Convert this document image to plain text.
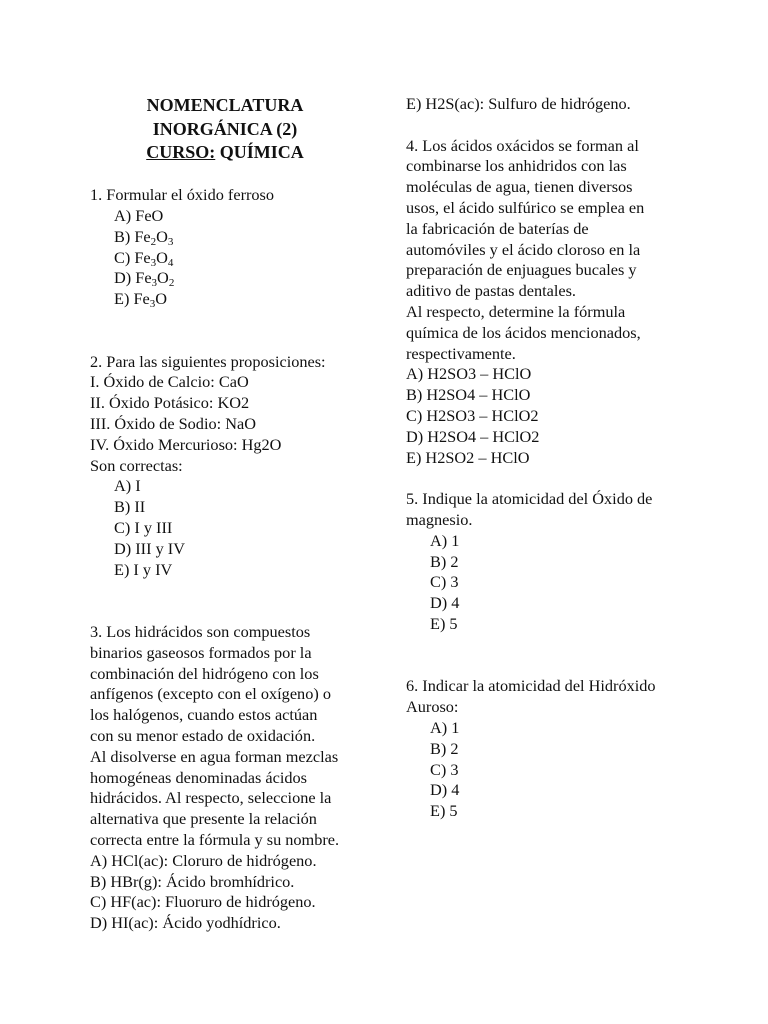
NOMENCLATURA
INORGÁNICA (2)
CURSO: QUÍMICA
1. Formular el óxido ferroso
A) FeO
B) $Fe_2O_3$
C) $Fe_3O_4$
D) $Fe_3O_2$
E) $Fe_3O$
2. Para las siguientes proposiciones:
I. Óxido de Calcio: CaO
II. Óxido Potásico: KO2
III. Óxido de Sodio: NaO
IV. Óxido Mercurioso: Hg2O
Son correctas:
A) I
B) II
C) I y III
D) III y IV
E) I y IV
3. Los hidrácidos son compuestos
binarios gaseosos formados por la
combinación del hidrógeno con los
anfígenos (excepto con el oxígeno) o
los halógenos, cuando estos actúan
con su menor estado de oxidación.
Al disolverse en agua forman mezclas
homogéneas denominadas ácidos
hidrácidos. Al respecto, seleccione la
alternativa que presente la relación
correcta entre la fórmula y su nombre.
A) HCl(ac): Cloruro de hidrógeno.
B) HBr(g): Ácido bromhídrico.
C) HF(ac): Fluoruro de hidrógeno.
D) HI(ac): Ácido yodhídrico.
E) H2S(ac): Sulfuro de hidrógeno.
4. Los ácidos oxácidos se forman al
combinarse los anhidridos con las
moléculas de agua, tienen diversos
usos, el ácido sulfúrico se emplea en
la fabricación de baterías de
automóviles y el ácido cloroso en la
preparación de enjuagues bucales y
aditivo de pastas dentales.
Al respecto, determine la fórmula
química de los ácidos mencionados,
respectivamente.
A) H2SO3 – HClO
B) H2SO4 – HClO
C) H2SO3 – HClO2
D) H2SO4 – HClO2
E) H2SO2 – HClO
5. Indique la atomicidad del Óxido de
magnesio.
A) 1
B) 2
C) 3
D) 4
E) 5
6. Indicar la atomicidad del Hidróxido
Auroso:
A) 1
B) 2
C) 3
D) 4
E) 5
